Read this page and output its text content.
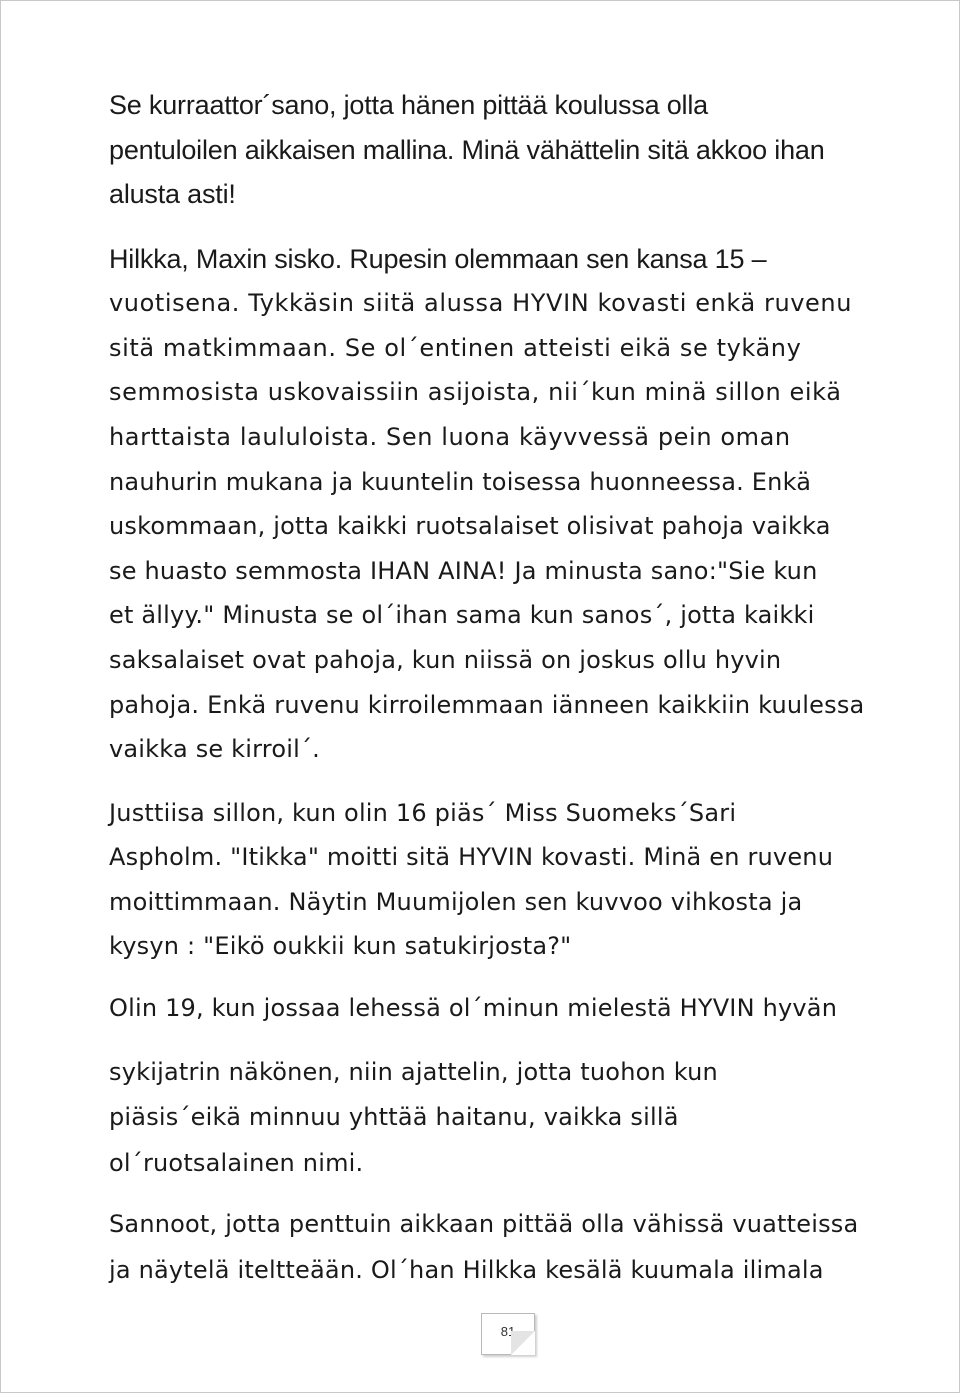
Se kurraattor´sano, jotta hänen pittää koulussa olla
pentuloilen aikkaisen mallina. Minä vähättelin sitä akkoo ihan
alusta asti!
Hilkka, Maxin sisko. Rupesin olemmaan sen kansa 15 –
vuotisena. Tykkäsin siitä alussa HYVIN kovasti enkä ruvenu
sitä matkimmaan. Se ol´entinen atteisti eikä se tykäny
semmosista uskovaissiin asijoista, nii´kun minä sillon eikä
harttaista laululoista. Sen luona käyvvessä pein oman
nauhurin mukana ja kuuntelin toisessa huonneessa. Enkä
uskommaan, jotta kaikki ruotsalaiset olisivat pahoja vaikka
se huasto semmosta IHAN AINA! Ja minusta sano:"Sie kun
et ällyy." Minusta se ol´ihan sama kun sanos´, jotta kaikki
saksalaiset ovat pahoja, kun niissä on joskus ollu hyvin
pahoja. Enkä ruvenu kirroilemmaan iänneen kaikkiin kuulessa
vaikka se kirroil´.
Justtiisa sillon, kun olin 16 piäs´ Miss Suomeks´Sari
Aspholm. "Itikka" moitti sitä HYVIN kovasti. Minä en ruvenu
moittimmaan. Näytin Muumijolen sen kuvvoo vihkosta ja
kysyn : "Eikö oukkii kun satukirjosta?"
Olin 19, kun jossaa lehessä ol´minun mielestä HYVIN hyvän
sykijatrin näkönen, niin ajattelin, jotta tuohon kun
piäsis´eikä minnuu yhttää haitanu, vaikka sillä
ol´ruotsalainen nimi.
Sannoot, jotta penttuin aikkaan pittää olla vähissä vuatteissa
ja näytelä iteltteään. Ol´han Hilkka kesälä kuumala ilimala
81
